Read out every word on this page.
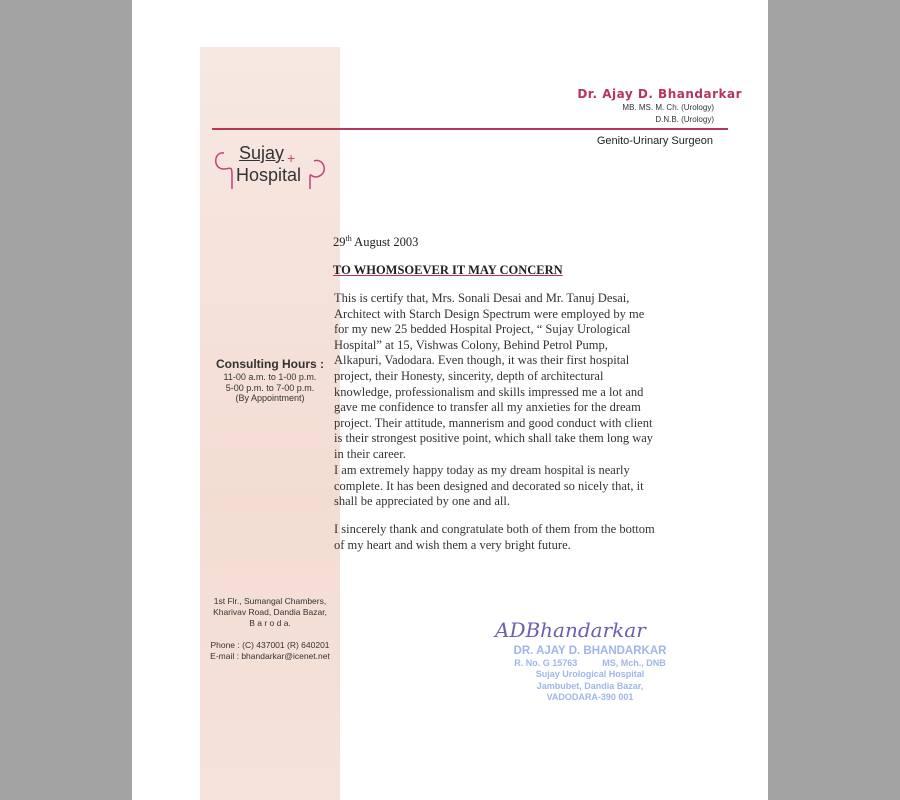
Dr. Ajay D. Bhandarkar
MB. MS. M. Ch. (Urology)
D.N.B. (Urology)
Genito-Urinary Surgeon
+
Sujay
Hospital
Consulting Hours :
11-00 a.m. to 1-00 p.m.
5-00 p.m. to 7-00 p.m.
(By Appointment)
1st Flr., Sumangal Chambers,
Kharivav Road, Dandia Bazar,
B a r o d a.
Phone : (C) 437001 (R) 640201
E-mail : bhandarkar@icenet.net
29th August 2003
TO WHOMSOEVER IT MAY CONCERN
This is certify that, Mrs. Sonali Desai and Mr. Tanuj Desai,
Architect with Starch Design Spectrum were employed by me
for my new 25 bedded Hospital Project, “ Sujay Urological
Hospital” at 15, Vishwas Colony, Behind Petrol Pump,
Alkapuri, Vadodara. Even though, it was their first hospital
project, their Honesty, sincerity, depth of architectural
knowledge, professionalism and skills impressed me a lot and
gave me confidence to transfer all my anxieties for the dream
project. Their attitude, mannerism and good conduct with client
is their strongest positive point, which shall take them long way
in their career.
I am extremely happy today as my dream hospital is nearly
complete. It has been designed and decorated so nicely that, it
shall be appreciated by one and all.
I sincerely thank and congratulate both of them from the bottom
of my heart and wish them a very bright future.
ADBhandarkar
DR. AJAY D. BHANDARKAR
R. No. G 15763          MS, Mch., DNB
Sujay Urological Hospital
Jambubet, Dandia Bazar,
VADODARA-390 001
